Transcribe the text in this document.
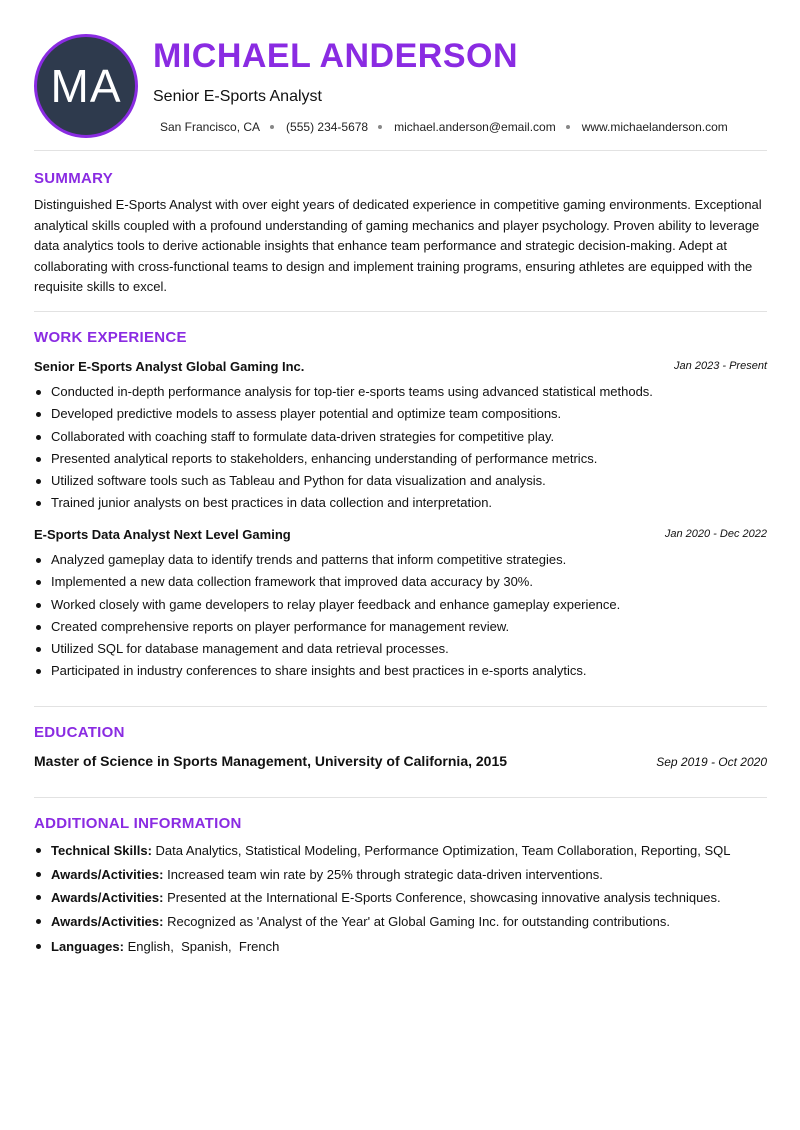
MA
MICHAEL ANDERSON
Senior E-Sports Analyst
San Francisco, CA (555) 234-5678 michael.anderson@email.com www.michaelanderson.com
SUMMARY

Distinguished E-Sports Analyst with over eight years of dedicated experience in competitive gaming environments. Exceptional analytical skills coupled with a profound understanding of gaming mechanics and player psychology. Proven ability to leverage data analytics tools to derive actionable insights that enhance team performance and strategic decision-making. Adept at collaborating with cross-functional teams to design and implement training programs, ensuring athletes are equipped with the requisite skills to excel.

WORK EXPERIENCE
Senior E-Sports Analyst Global Gaming Inc.	Jan 2023 - Present
Conducted in-depth performance analysis for top-tier e-sports teams using advanced statistical methods.
Developed predictive models to assess player potential and optimize team compositions.
Collaborated with coaching staff to formulate data-driven strategies for competitive play.
Presented analytical reports to stakeholders, enhancing understanding of performance metrics.
Utilized software tools such as Tableau and Python for data visualization and analysis.
Trained junior analysts on best practices in data collection and interpretation.
E-Sports Data Analyst Next Level Gaming	Jan 2020 - Dec 2022
Analyzed gameplay data to identify trends and patterns that inform competitive strategies.
Implemented a new data collection framework that improved data accuracy by 30%.
Worked closely with game developers to relay player feedback and enhance gameplay experience.
Created comprehensive reports on player performance for management review.
Utilized SQL for database management and data retrieval processes.
Participated in industry conferences to share insights and best practices in e-sports analytics.
EDUCATION
Master of Science in Sports Management, University of California, 2015	Sep 2019 - Oct 2020
ADDITIONAL INFORMATION
Technical Skills: Data Analytics, Statistical Modeling, Performance Optimization, Team Collaboration, Reporting, SQL
Awards/Activities: Increased team win rate by 25% through strategic data-driven interventions.
Awards/Activities: Presented at the International E-Sports Conference, showcasing innovative analysis techniques.
Awards/Activities: Recognized as 'Analyst of the Year' at Global Gaming Inc. for outstanding contributions.
Languages: English,  Spanish,  French
